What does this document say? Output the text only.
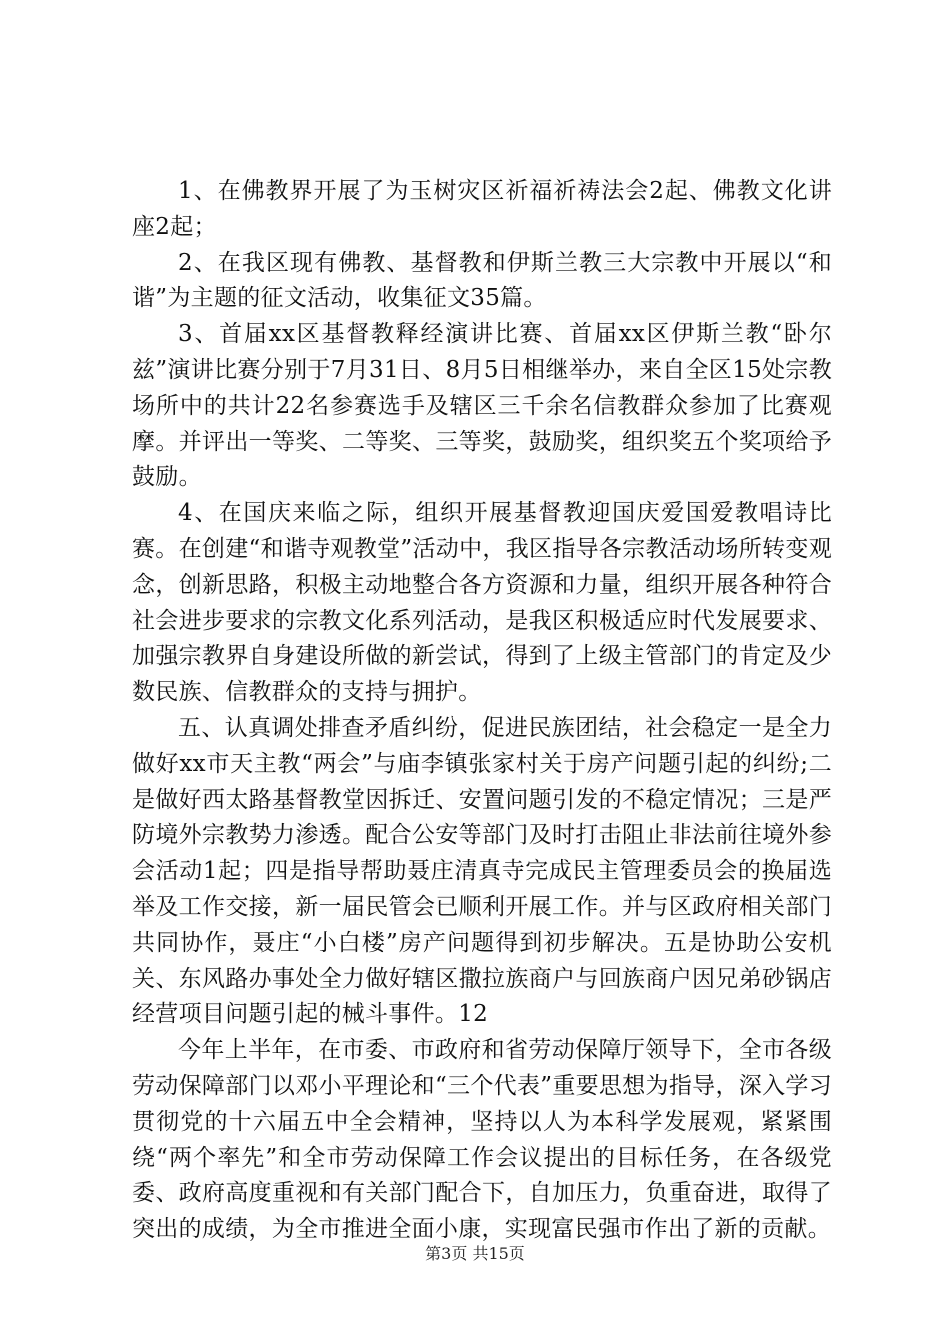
1、在佛教界开展了为玉树灾区祈福祈祷法会2起、佛教文化讲座2起；

2、在我区现有佛教、基督教和伊斯兰教三大宗教中开展以“和谐”为主题的征文活动，收集征文35篇。

3、首届xx区基督教释经演讲比赛、首届xx区伊斯兰教“卧尔兹”演讲比赛分别于7月31日、8月5日相继举办，来自全区15处宗教场所中的共计22名参赛选手及辖区三千余名信教群众参加了比赛观摩。并评出一等奖、二等奖、三等奖，鼓励奖，组织奖五个奖项给予鼓励。

4、在国庆来临之际，组织开展基督教迎国庆爱国爱教唱诗比赛。在创建“和谐寺观教堂”活动中，我区指导各宗教活动场所转变观念，创新思路，积极主动地整合各方资源和力量，组织开展各种符合社会进步要求的宗教文化系列活动，是我区积极适应时代发展要求、加强宗教界自身建设所做的新尝试，得到了上级主管部门的肯定及少数民族、信教群众的支持与拥护。

五、认真调处排查矛盾纠纷，促进民族团结，社会稳定一是全力做好xx市天主教“两会”与庙李镇张家村关于房产问题引起的纠纷;二是做好西太路基督教堂因拆迁、安置问题引发的不稳定情况；三是严防境外宗教势力渗透。配合公安等部门及时打击阻止非法前往境外参会活动1起；四是指导帮助聂庄清真寺完成民主管理委员会的换届选举及工作交接，新一届民管会已顺利开展工作。并与区政府相关部门共同协作，聂庄“小白楼”房产问题得到初步解决。五是协助公安机关、东风路办事处全力做好辖区撒拉族商户与回族商户因兄弟砂锅店经营项目问题引起的械斗事件。12

今年上半年，在市委、市政府和省劳动保障厅领导下，全市各级劳动保障部门以邓小平理论和“三个代表”重要思想为指导，深入学习贯彻党的十六届五中全会精神，坚持以人为本科学发展观，紧紧围绕“两个率先”和全市劳动保障工作会议提出的目标任务，在各级党委、政府高度重视和有关部门配合下，自加压力，负重奋进，取得了突出的成绩，为全市推进全面小康，实现富民强市作出了新的贡献。

第3页 共15页
